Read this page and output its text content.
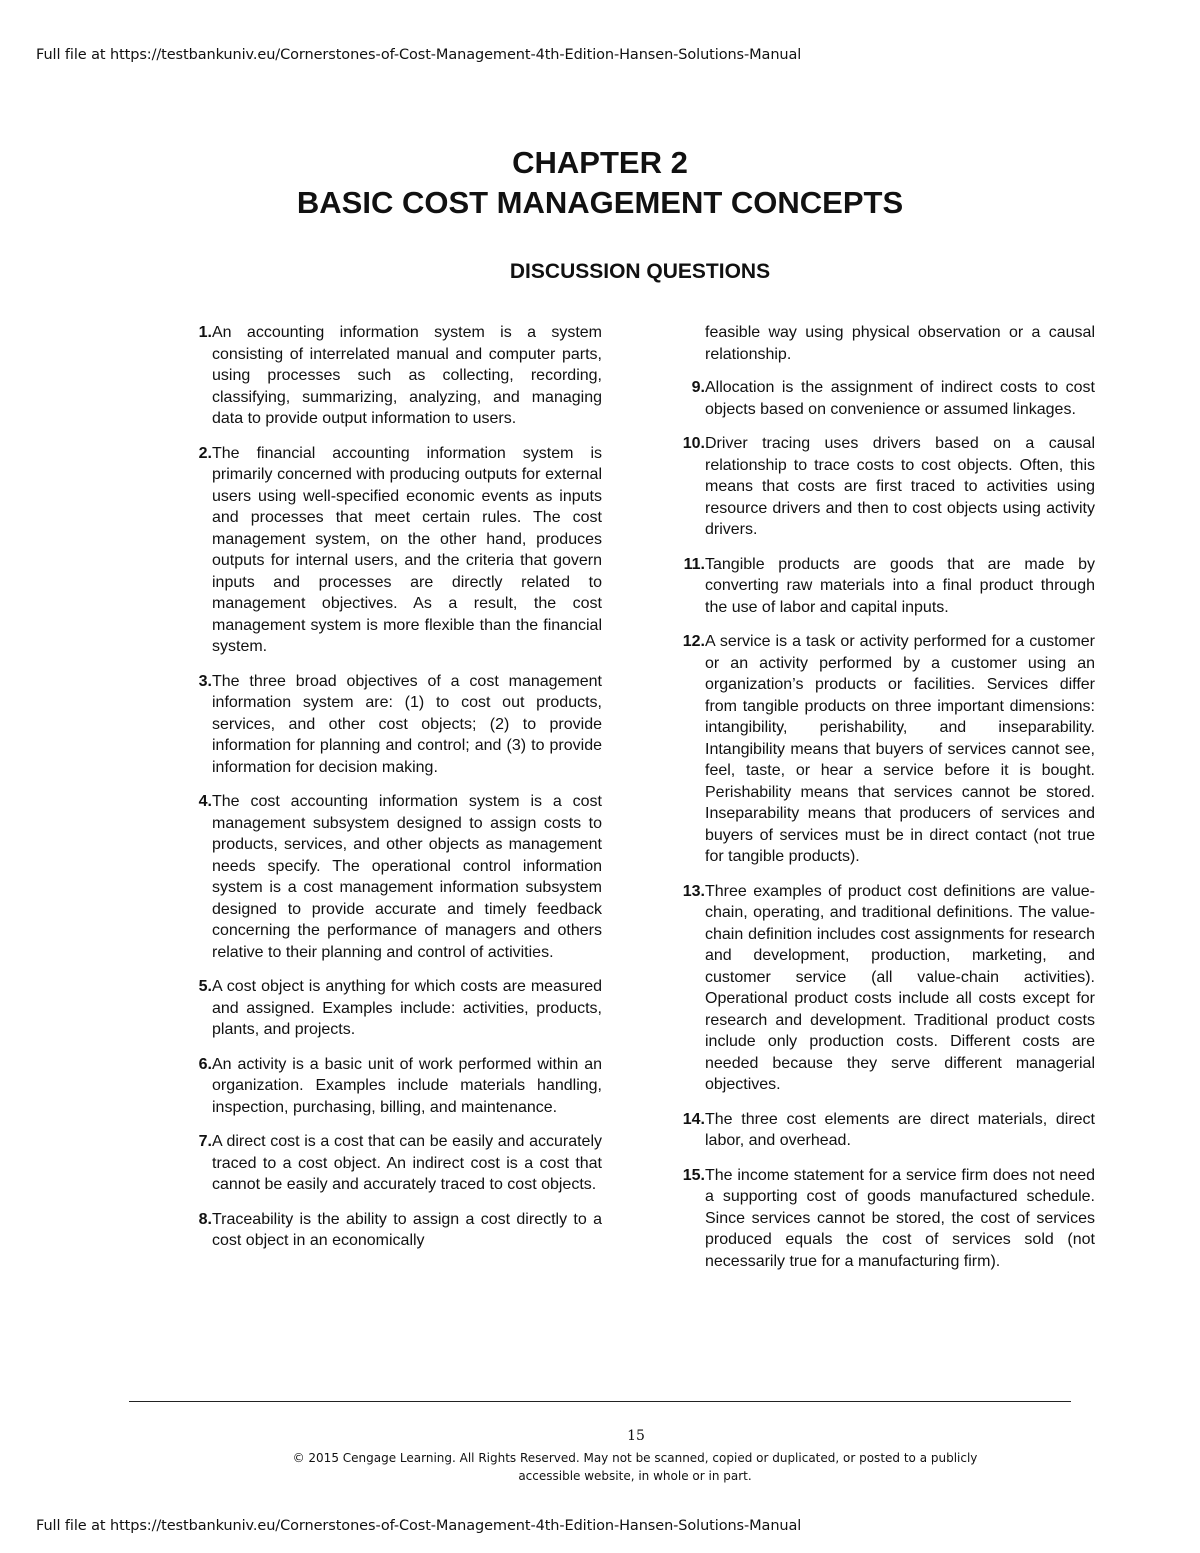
Full file at https://testbankuniv.eu/Cornerstones-of-Cost-Management-4th-Edition-Hansen-Solutions-Manual
CHAPTER 2
BASIC COST MANAGEMENT CONCEPTS
DISCUSSION QUESTIONS
1. An accounting information system is a system consisting of interrelated manual and computer parts, using processes such as collecting, recording, classifying, summarizing, analyzing, and managing data to provide output information to users.
2. The financial accounting information system is primarily concerned with producing outputs for external users using well-specified economic events as inputs and processes that meet certain rules. The cost management system, on the other hand, produces outputs for internal users, and the criteria that govern inputs and processes are directly related to management objectives. As a result, the cost management system is more flexible than the financial system.
3. The three broad objectives of a cost management information system are: (1) to cost out products, services, and other cost objects; (2) to provide information for planning and control; and (3) to provide information for decision making.
4. The cost accounting information system is a cost management subsystem designed to assign costs to products, services, and other objects as management needs specify. The operational control information system is a cost management information subsystem designed to provide accurate and timely feedback concerning the performance of managers and others relative to their planning and control of activities.
5. A cost object is anything for which costs are measured and assigned. Examples include: activities, products, plants, and projects.
6. An activity is a basic unit of work performed within an organization. Examples include materials handling, inspection, purchasing, billing, and maintenance.
7. A direct cost is a cost that can be easily and accurately traced to a cost object. An indirect cost is a cost that cannot be easily and accurately traced to cost objects.
8. Traceability is the ability to assign a cost directly to a cost object in an economically
feasible way using physical observation or a causal relationship.
9. Allocation is the assignment of indirect costs to cost objects based on convenience or assumed linkages.
10. Driver tracing uses drivers based on a causal relationship to trace costs to cost objects. Often, this means that costs are first traced to activities using resource drivers and then to cost objects using activity drivers.
11. Tangible products are goods that are made by converting raw materials into a final product through the use of labor and capital inputs.
12. A service is a task or activity performed for a customer or an activity performed by a customer using an organization’s products or facilities. Services differ from tangible products on three important dimensions: intangibility, perishability, and inseparability. Intangibility means that buyers of services cannot see, feel, taste, or hear a service before it is bought. Perishability means that services cannot be stored. Inseparability means that producers of services and buyers of services must be in direct contact (not true for tangible products).
13. Three examples of product cost definitions are value-chain, operating, and traditional definitions. The value-chain definition includes cost assignments for research and development, production, marketing, and customer service (all value-chain activities). Operational product costs include all costs except for research and development. Traditional product costs include only production costs. Different costs are needed because they serve different managerial objectives.
14. The three cost elements are direct materials, direct labor, and overhead.
15. The income statement for a service firm does not need a supporting cost of goods manufactured schedule. Since services cannot be stored, the cost of services produced equals the cost of services sold (not necessarily true for a manufacturing firm).
15
© 2015 Cengage Learning. All Rights Reserved. May not be scanned, copied or duplicated, or posted to a publicly
accessible website, in whole or in part.
Full file at https://testbankuniv.eu/Cornerstones-of-Cost-Management-4th-Edition-Hansen-Solutions-Manual
